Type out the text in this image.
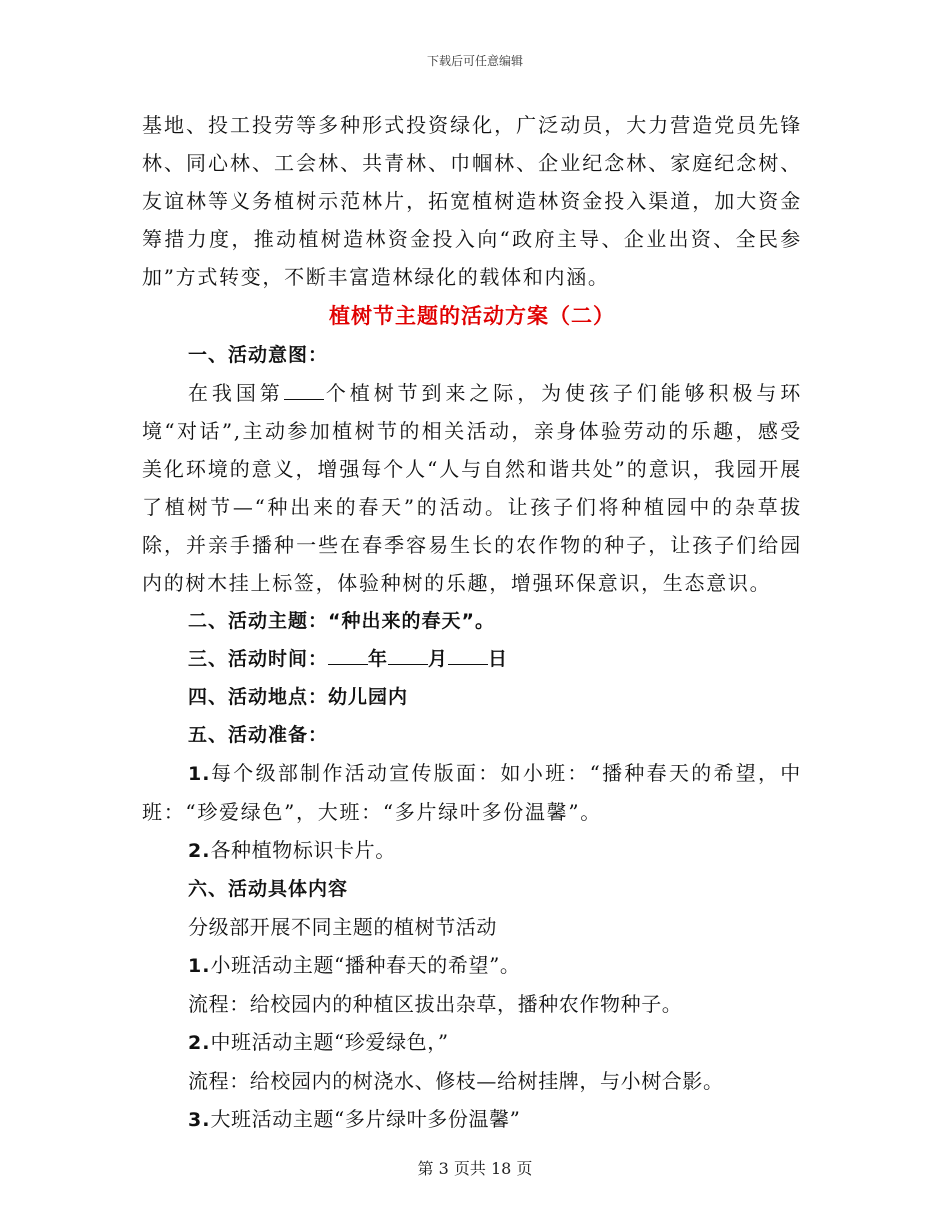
下载后可任意编辑

基地、投工投劳等多种形式投资绿化，广泛动员，大力营造党员先锋林、同心林、工会林、共青林、巾帼林、企业纪念林、家庭纪念树、友谊林等义务植树示范林片，拓宽植树造林资金投入渠道，加大资金筹措力度，推动植树造林资金投入向“政府主导、企业出资、全民参加”方式转变，不断丰富造林绿化的载体和内涵。

植树节主题的活动方案（二）

一、活动意图：

在我国第 个植树节到来之际，为使孩子们能够积极与环境“对话”,主动参加植树节的相关活动，亲身体验劳动的乐趣，感受美化环境的意义，增强每个人“人与自然和谐共处”的意识，我园开展了植树节—“种出来的春天”的活动。让孩子们将种植园中的杂草拔除，并亲手播种一些在春季容易生长的农作物的种子，让孩子们给园内的树木挂上标签，体验种树的乐趣，增强环保意识，生态意识。

二、活动主题：“种出来的春天”。

三、活动时间： 年 月 日

四、活动地点：幼儿园内

五、活动准备：

1.每个级部制作活动宣传版面：如小班：“播种春天的希望，中班：“珍爱绿色”，大班：“多片绿叶多份温馨”。

2.各种植物标识卡片。

六、活动具体内容

分级部开展不同主题的植树节活动

1.小班活动主题“播种春天的希望”。

流程：给校园内的种植区拔出杂草，播种农作物种子。

2.中班活动主题“珍爱绿色，”

流程：给校园内的树浇水、修枝—给树挂牌，与小树合影。

3.大班活动主题“多片绿叶多份温馨”

第 3 页共 18 页
